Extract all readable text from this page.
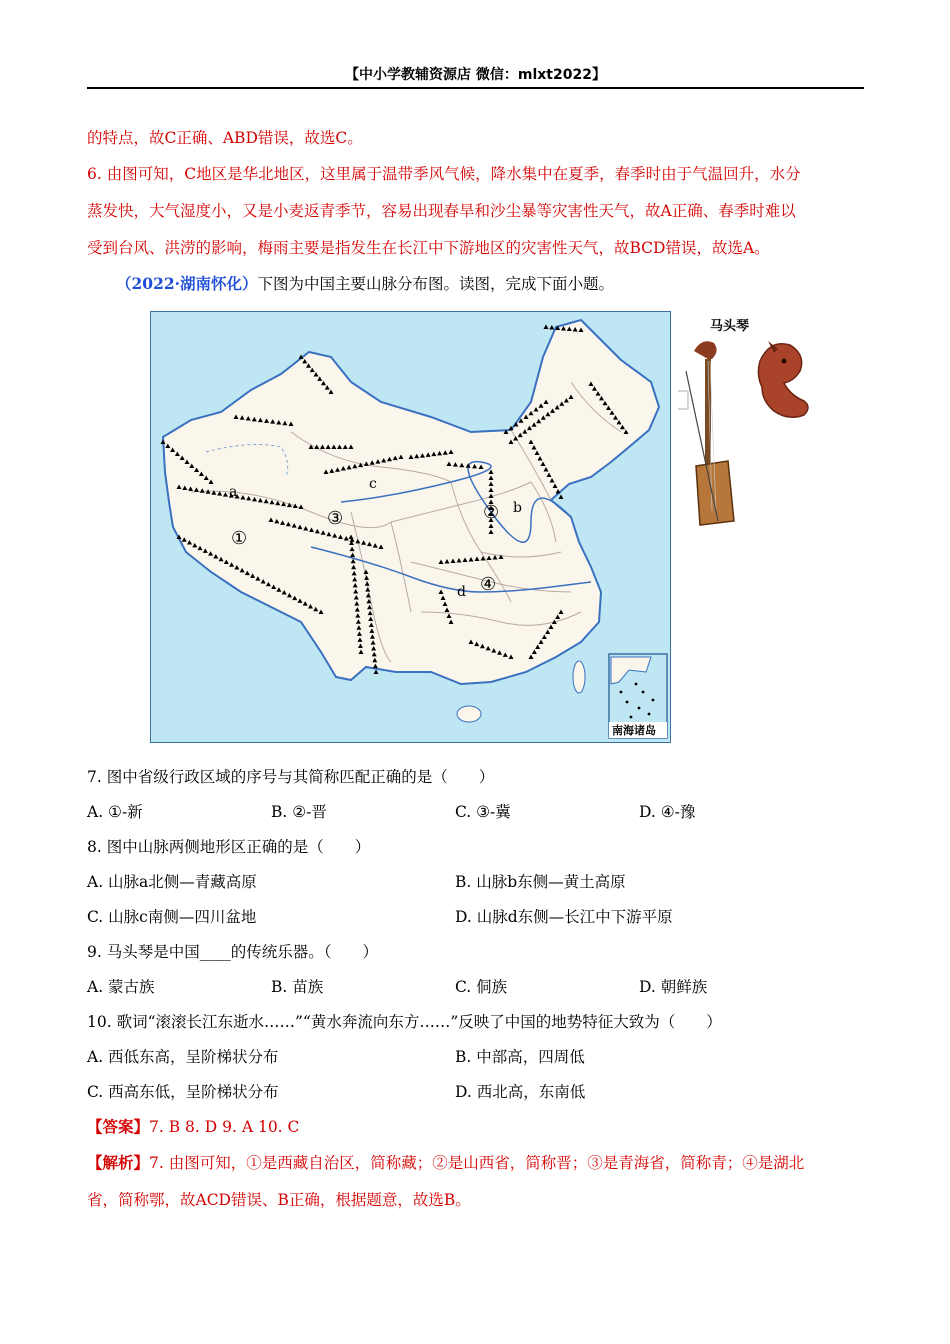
【中小学教辅资源店 微信：mlxt2022】
的特点，故C正确、ABD错误，故选C。
6. 由图可知，C地区是华北地区，这里属于温带季风气候，降水集中在夏季，春季时由于气温回升，水分
蒸发快，大气湿度小，又是小麦返青季节，容易出现春旱和沙尘暴等灾害性天气，故A正确、春季时难以
受到台风、洪涝的影响，梅雨主要是指发生在长江中下游地区的灾害性天气，故BCD错误，故选A。
（2022·湖南怀化）下图为中国主要山脉分布图。读图，完成下面小题。
a
b
c
d
①
②
③
④
南海诸岛
马头琴
7. 图中省级行政区域的序号与其简称匹配正确的是（　　）
A. ①-新	B. ②-晋	C. ③-冀	D. ④-豫
8. 图中山脉两侧地形区正确的是（　　）
A. 山脉a北侧—青藏高原	B. 山脉b东侧—黄土高原
C. 山脉c南侧—四川盆地	D. 山脉d东侧—长江中下游平原
9. 马头琴是中国____的传统乐器。（　　）
A. 蒙古族	B. 苗族	C. 侗族	D. 朝鲜族
10. 歌词“滚滚长江东逝水……”“黄水奔流向东方……”反映了中国的地势特征大致为（　　）
A. 西低东高，呈阶梯状分布	B. 中部高，四周低
C. 西高东低，呈阶梯状分布	D. 西北高，东南低
【答案】7. B 8. D 9. A 10. C
【解析】7. 由图可知，①是西藏自治区，简称藏；②是山西省，简称晋；③是青海省，简称青；④是湖北
省，简称鄂，故ACD错误、B正确，根据题意，故选B。
